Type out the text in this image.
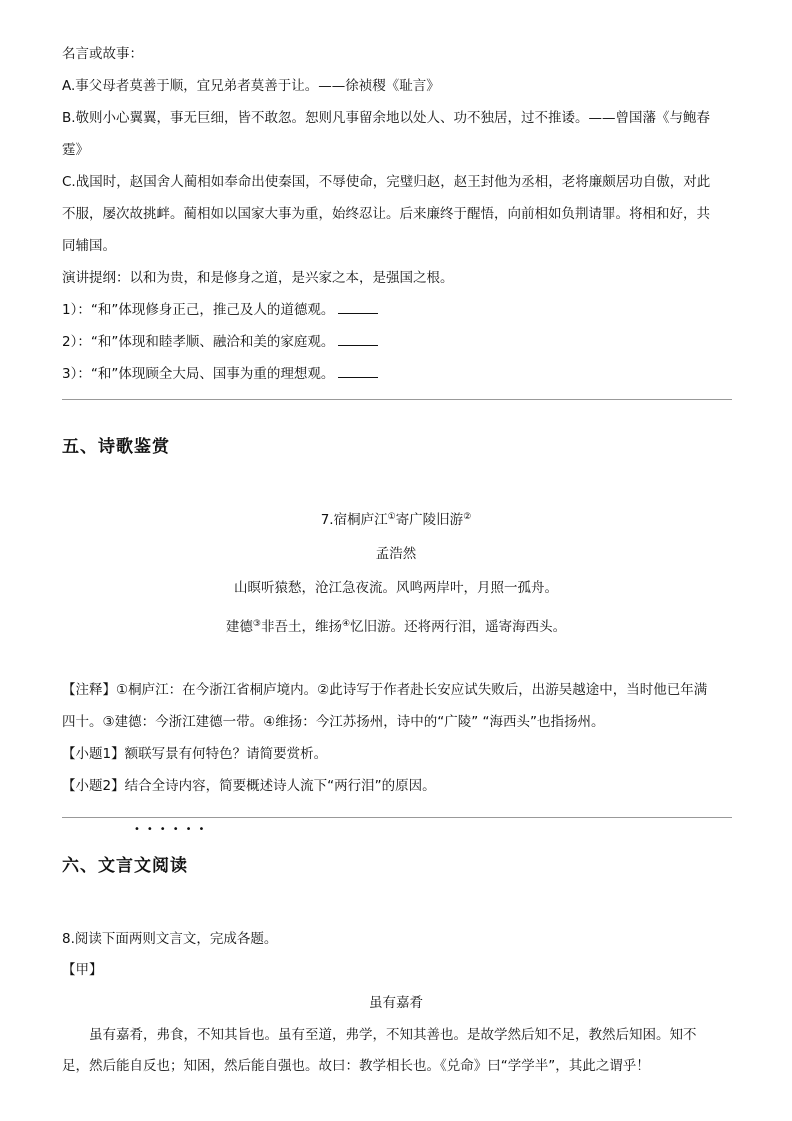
名言或故事：
A.事父母者莫善于顺，宜兄弟者莫善于让。——徐祯稷《耻言》
B.敬则小心翼翼，事无巨细，皆不敢忽。恕则凡事留余地以处人、功不独居，过不推诿。——曾国藩《与鲍春
霆》
C.战国时，赵国舍人蔺相如奉命出使秦国，不辱使命，完璧归赵，赵王封他为丞相，老将廉颇居功自傲，对此
不服，屡次故挑衅。蔺相如以国家大事为重，始终忍让。后来廉终于醒悟，向前相如负荆请罪。将相和好，共
同辅国。
演讲提纲：以和为贵，和是修身之道，是兴家之本，是强国之根。
1）：“和”体现修身正己，推己及人的道德观。
2）：“和”体现和睦孝顺、融洽和美的家庭观。
3）：“和”体现顾全大局、国事为重的理想观。
五、诗歌鉴赏
7.宿桐庐江①寄广陵旧游②
孟浩然
山暝听猿愁，沧江急夜流。风鸣两岸叶，月照一孤舟。
建德③非吾土，维扬④忆旧游。还将两行泪，遥寄海西头。
【注释】①桐庐江：在今浙江省桐庐境内。②此诗写于作者赴长安应试失败后，出游吴越途中，当时他已年满
四十。③建德：今浙江建德一带。④维扬：今江苏扬州，诗中的“广陵” “海西头”也指扬州。
【小题1】额联写景有何特色？请简要赏析。
【小题2】结合全诗内容，简要概述诗人流下“两行泪”的原因。
••••••
六、文言文阅读
8.阅读下面两则文言文，完成各题。
【甲】
虽有嘉肴
虽有嘉肴，弗食，不知其旨也。虽有至道，弗学，不知其善也。是故学然后知不足，教然后知困。知不
足，然后能自反也；知困，然后能自强也。故曰：教学相长也。《兑命》曰“学学半”，其此之谓乎！
